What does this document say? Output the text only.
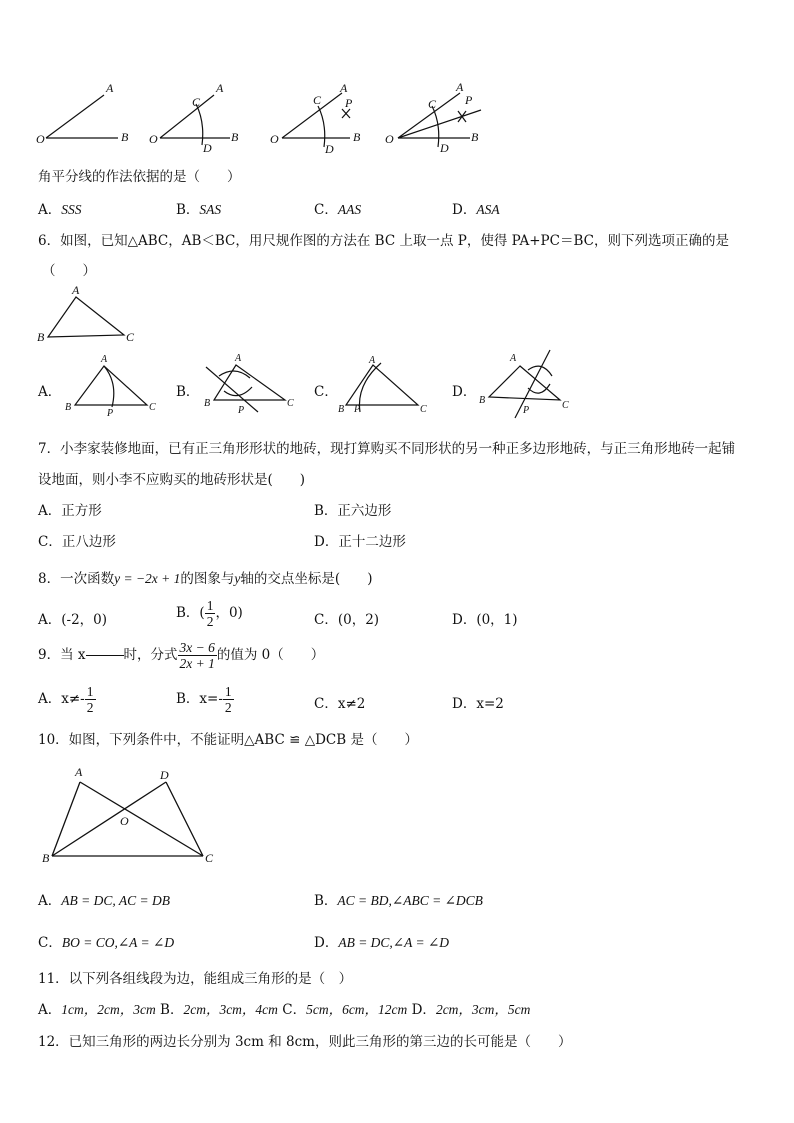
A
O	B
A
C
O	B
D
A
C P
O	B
D
A
C P
O	B
D
角平分线的作法依据的是（　　）
A．SSS	B．SAS	C．AAS	D．ASA
6．如图，已知△ABC，AB＜BC，用尺规作图的方法在 BC 上取一点 P，使得 PA+PC＝BC，则下列选项正确的是
（　　）
A
B	C
A
B	C
P
A
B	C
P
A
B	C
P
A
B	C
P
A．	B．	C．	D．
7．小李家装修地面，已有正三角形形状的地砖，现打算购买不同形状的另一种正多边形地砖，与正三角形地砖一起铺
设地面，则小李不应购买的地砖形状是(　　)
A．正方形	B．正六边形
C．正八边形	D．正十二边形
8．一次函数y = −2x + 1的图象与y轴的交点坐标是(　　)
A．(-2，0)	B．( $\frac{1}{2}$ ，0)	C．(0，2)	D．(0，1)
9．当 x	时，分式 $\frac{3x - 6}{2x + 1}$ 的值为 0（　　）
A．$x\ne- \frac{1}{2}$	B．$x=- \frac{1}{2}$	C．x≠2	D．x=2
10．如图，下列条件中，不能证明△ABC ≌ △DCB 是（　　）
A	D
O
B	C
A．AB = DC, AC = DB	B．AC = BD,∠ABC = ∠DCB
C．BO = CO,∠A = ∠D	D．AB = DC,∠A = ∠D
11．以下列各组线段为边，能组成三角形的是（　）
A．1cm，2cm，3cm B．2cm，3cm，4cm C．5cm，6cm，12cm D．2cm，3cm，5cm
12．已知三角形的两边长分别为 3cm 和 8cm，则此三角形的第三边的长可能是（　　）
